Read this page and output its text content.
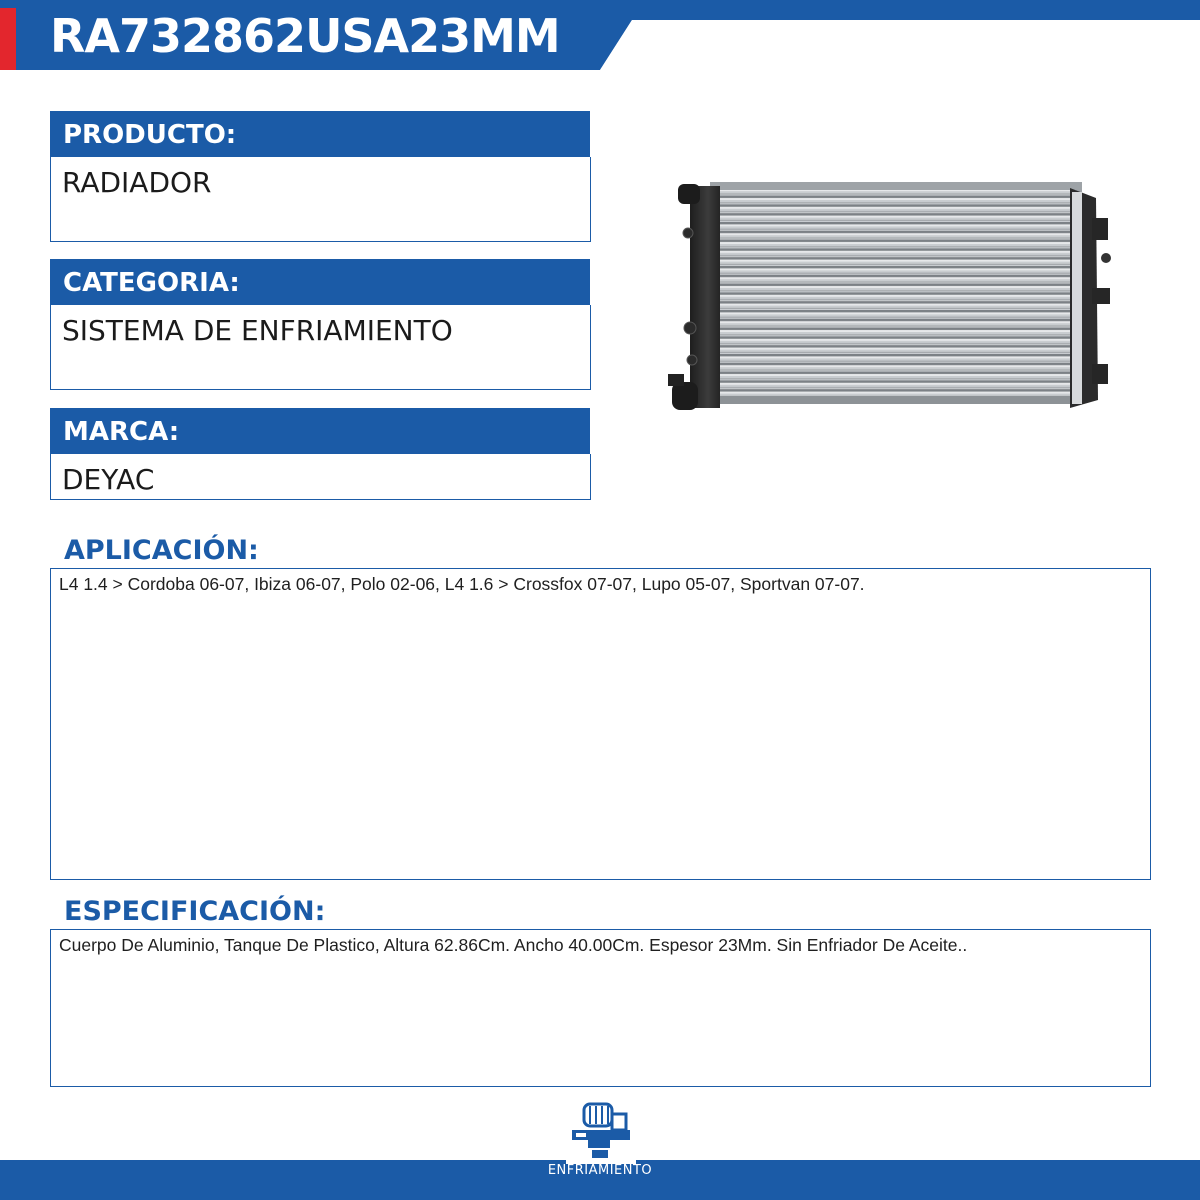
RA732862USA23MM
PRODUCTO:
RADIADOR
CATEGORIA:
SISTEMA DE ENFRIAMIENTO
MARCA:
DEYAC
APLICACIÓN:
L4 1.4 > Cordoba 06-07, Ibiza 06-07, Polo 02-06, L4 1.6 > Crossfox 07-07, Lupo 05-07, Sportvan 07-07.
ESPECIFICACIÓN:
Cuerpo De Aluminio, Tanque De Plastico, Altura 62.86Cm. Ancho 40.00Cm. Espesor 23Mm. Sin Enfriador De Aceite..
ENFRIAMIENTO
